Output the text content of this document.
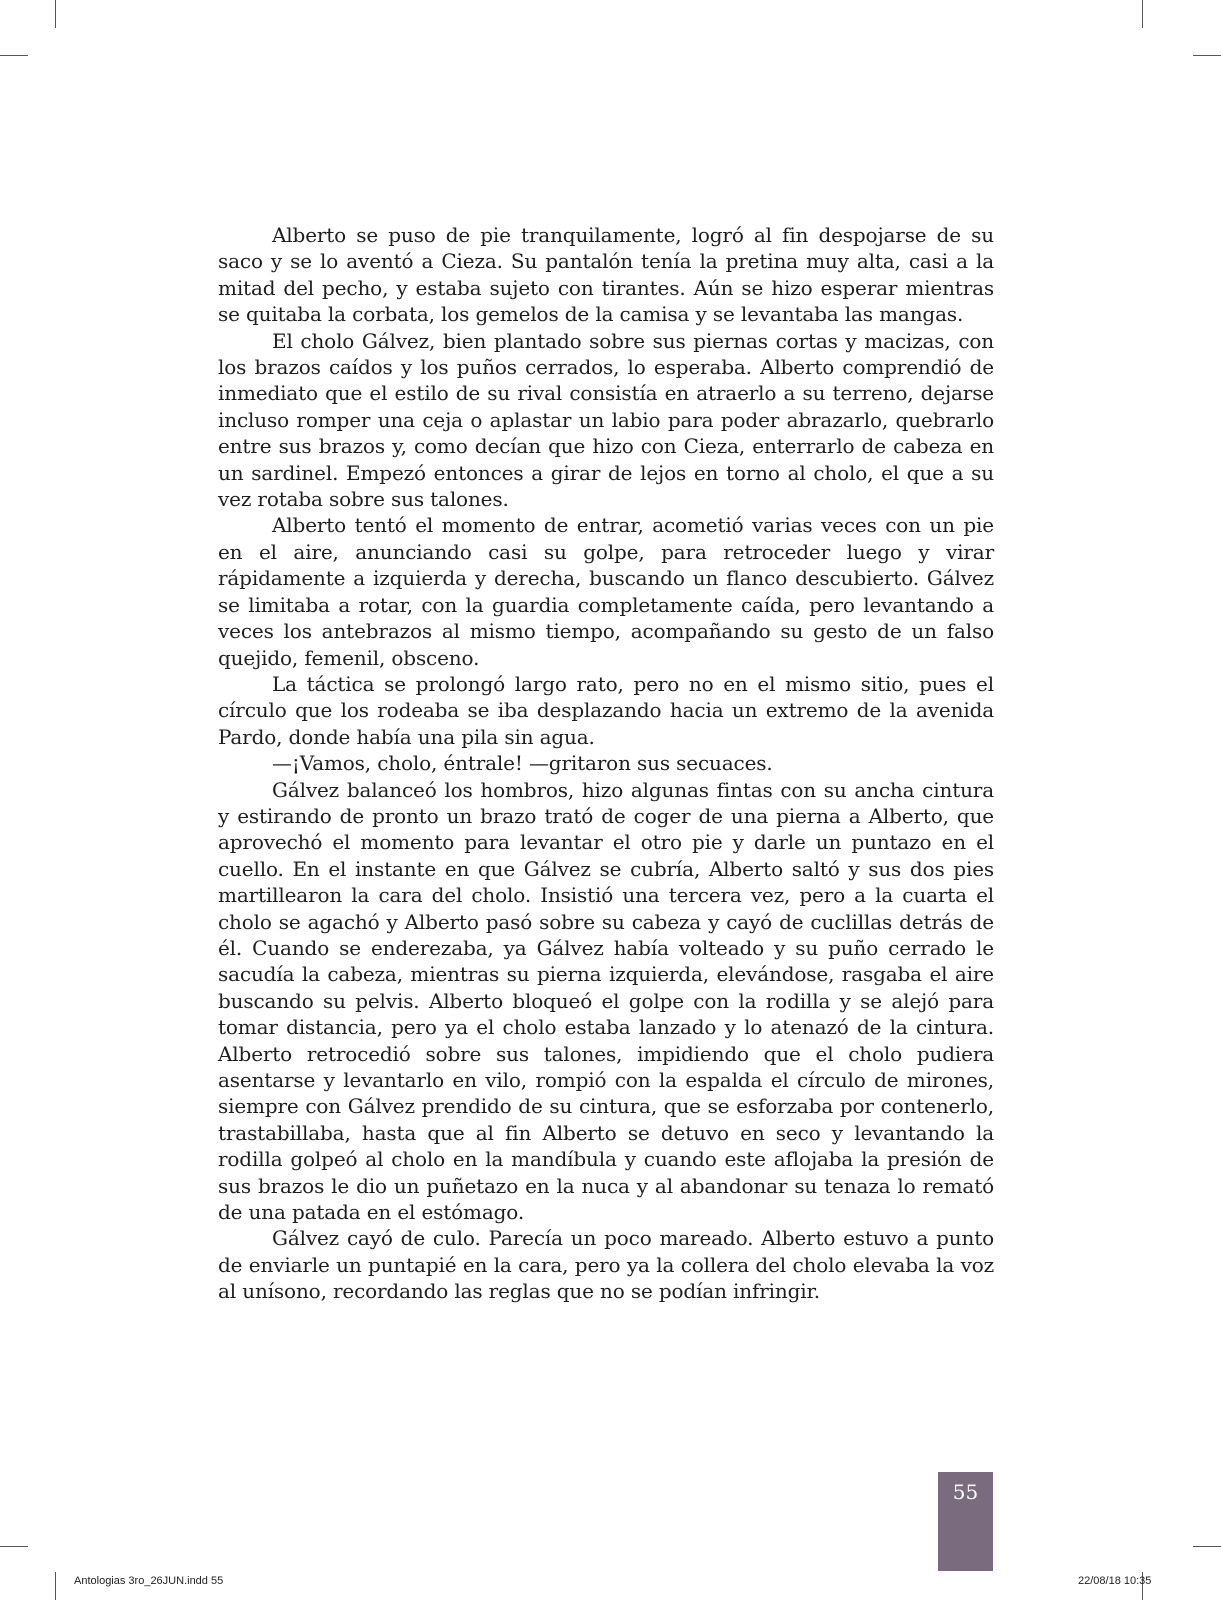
Alberto se puso de pie tranquilamente, logró al fin despojarse de su saco y se lo aventó a Cieza. Su pantalón tenía la pretina muy alta, casi a la mitad del pecho, y estaba sujeto con tirantes. Aún se hizo esperar mientras se quitaba la corbata, los gemelos de la camisa y se levantaba las mangas.

El cholo Gálvez, bien plantado sobre sus piernas cortas y macizas, con los brazos caídos y los puños cerrados, lo esperaba. Alberto comprendió de inmediato que el estilo de su rival consistía en atraerlo a su terreno, dejarse incluso romper una ceja o aplastar un labio para poder abrazarlo, quebrarlo entre sus brazos y, como decían que hizo con Cieza, enterrarlo de cabeza en un sardinel. Empezó entonces a girar de lejos en torno al cholo, el que a su vez rotaba sobre sus talones.

Alberto tentó el momento de entrar, acometió varias veces con un pie en el aire, anunciando casi su golpe, para retroceder luego y virar rápidamente a izquierda y derecha, buscando un flanco descubierto. Gálvez se limitaba a rotar, con la guardia completamente caída, pero levantando a veces los antebrazos al mismo tiempo, acompañando su gesto de un falso quejido, femenil, obsceno.

La táctica se prolongó largo rato, pero no en el mismo sitio, pues el círculo que los rodeaba se iba desplazando hacia un extremo de la avenida Pardo, donde había una pila sin agua.

—¡Vamos, cholo, éntrale! —gritaron sus secuaces.

Gálvez balanceó los hombros, hizo algunas fintas con su ancha cintura y estirando de pronto un brazo trató de coger de una pierna a Alberto, que aprovechó el momento para levantar el otro pie y darle un puntazo en el cuello. En el instante en que Gálvez se cubría, Alberto saltó y sus dos pies martillearon la cara del cholo. Insistió una tercera vez, pero a la cuarta el cholo se agachó y Alberto pasó sobre su cabeza y cayó de cuclillas detrás de él. Cuando se enderezaba, ya Gálvez había volteado y su puño cerrado le sacudía la cabeza, mientras su pierna izquierda, elevándose, rasgaba el aire buscando su pelvis. Alberto bloqueó el golpe con la rodilla y se alejó para tomar distancia, pero ya el cholo estaba lanzado y lo atenazó de la cintura. Alberto retrocedió sobre sus talones, impidiendo que el cholo pudiera asentarse y levantarlo en vilo, rompió con la espalda el círculo de mirones, siempre con Gálvez prendido de su cintura, que se esforzaba por contenerlo, trastabillaba, hasta que al fin Alberto se detuvo en seco y levantando la rodilla golpeó al cholo en la mandíbula y cuando este aflojaba la presión de sus brazos le dio un puñetazo en la nuca y al abandonar su tenaza lo remató de una patada en el estómago.

Gálvez cayó de culo. Parecía un poco mareado. Alberto estuvo a punto de enviarle un puntapié en la cara, pero ya la collera del cholo elevaba la voz al unísono, recordando las reglas que no se podían infringir.

55
Antologias 3ro_26JUN.indd 55	22/08/18 10:35
